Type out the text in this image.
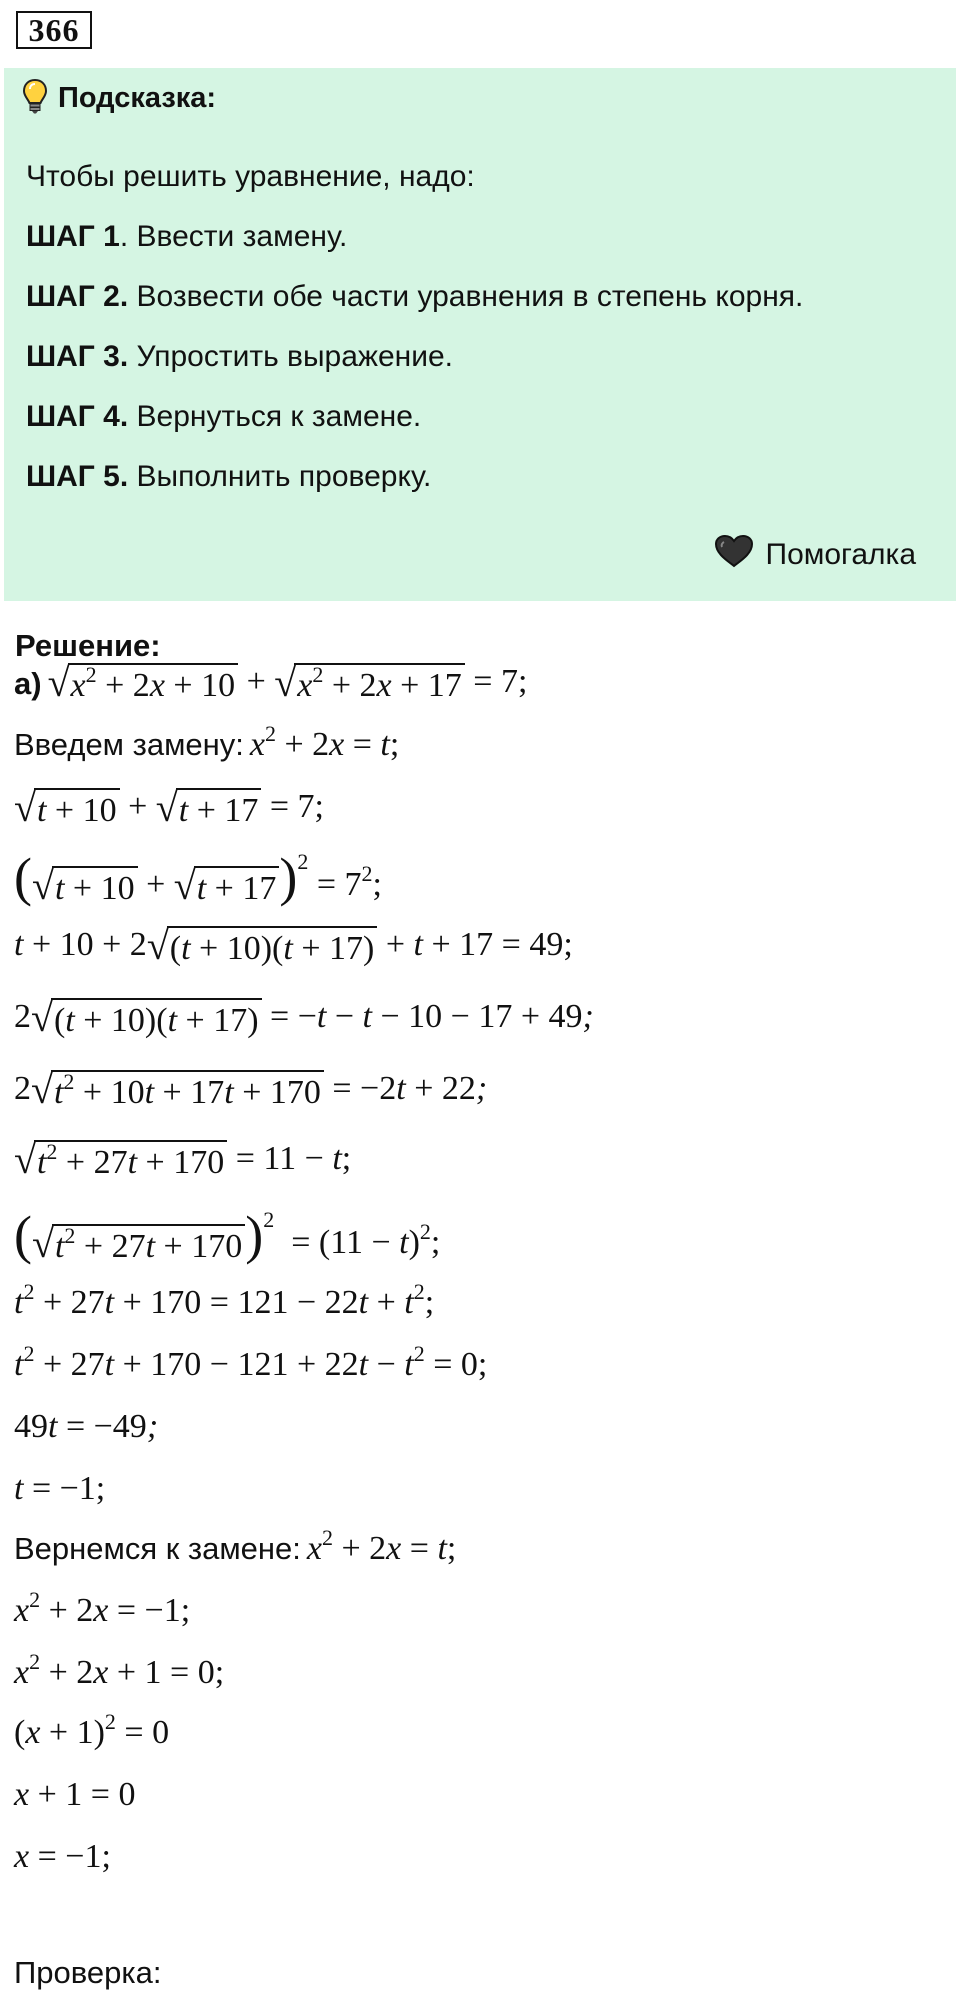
366
Подсказка:
Чтобы решить уравнение, надо:
ШАГ 1. Ввести замену.
ШАГ 2. Возвести обе части уравнения в степень корня.
ШАГ 3. Упростить выражение.
ШАГ 4. Вернуться к замене.
ШАГ 5. Выполнить проверку.
Помогалка
Решение:
а) √ $x^2 + 2x + 10$ + √ $x^2 + 2x + 17 = 7$;
Введем замену: $x^2 + 2x = t$;
√ t + 10 + √ t + 17 = 7;
( √ t + 10 + √ t + 17 )$^2 = 7^2$;
t + 10 + 2 √ (t + 10)(t + 17) + t + 17 = 49;
2 √ (t + 10)(t + 17) = −t − t − 10 − 17 + 49;
2 √ $t^2 + 10t + 17t + 170 = -2t + 22$;
√ $t^2 + 27t + 170 = 11 - t$;
( √ $t^2 + 27t + 170$ )$^2 = (11 - t)^2$;
$t^2 + 27t + 170 = 121 - 22t + t^2$;
$t^2 + 27t + 170 - 121 + 22t - t^2 = 0$;
49t = −49;
t = −1;
Вернемся к замене: $x^2 + 2x = t$;
$x^2 + 2x = -1$;
$x^2 + 2x + 1 = 0$;
$(x + 1)^2 = 0$
x + 1 = 0
x = −1;
Проверка:
